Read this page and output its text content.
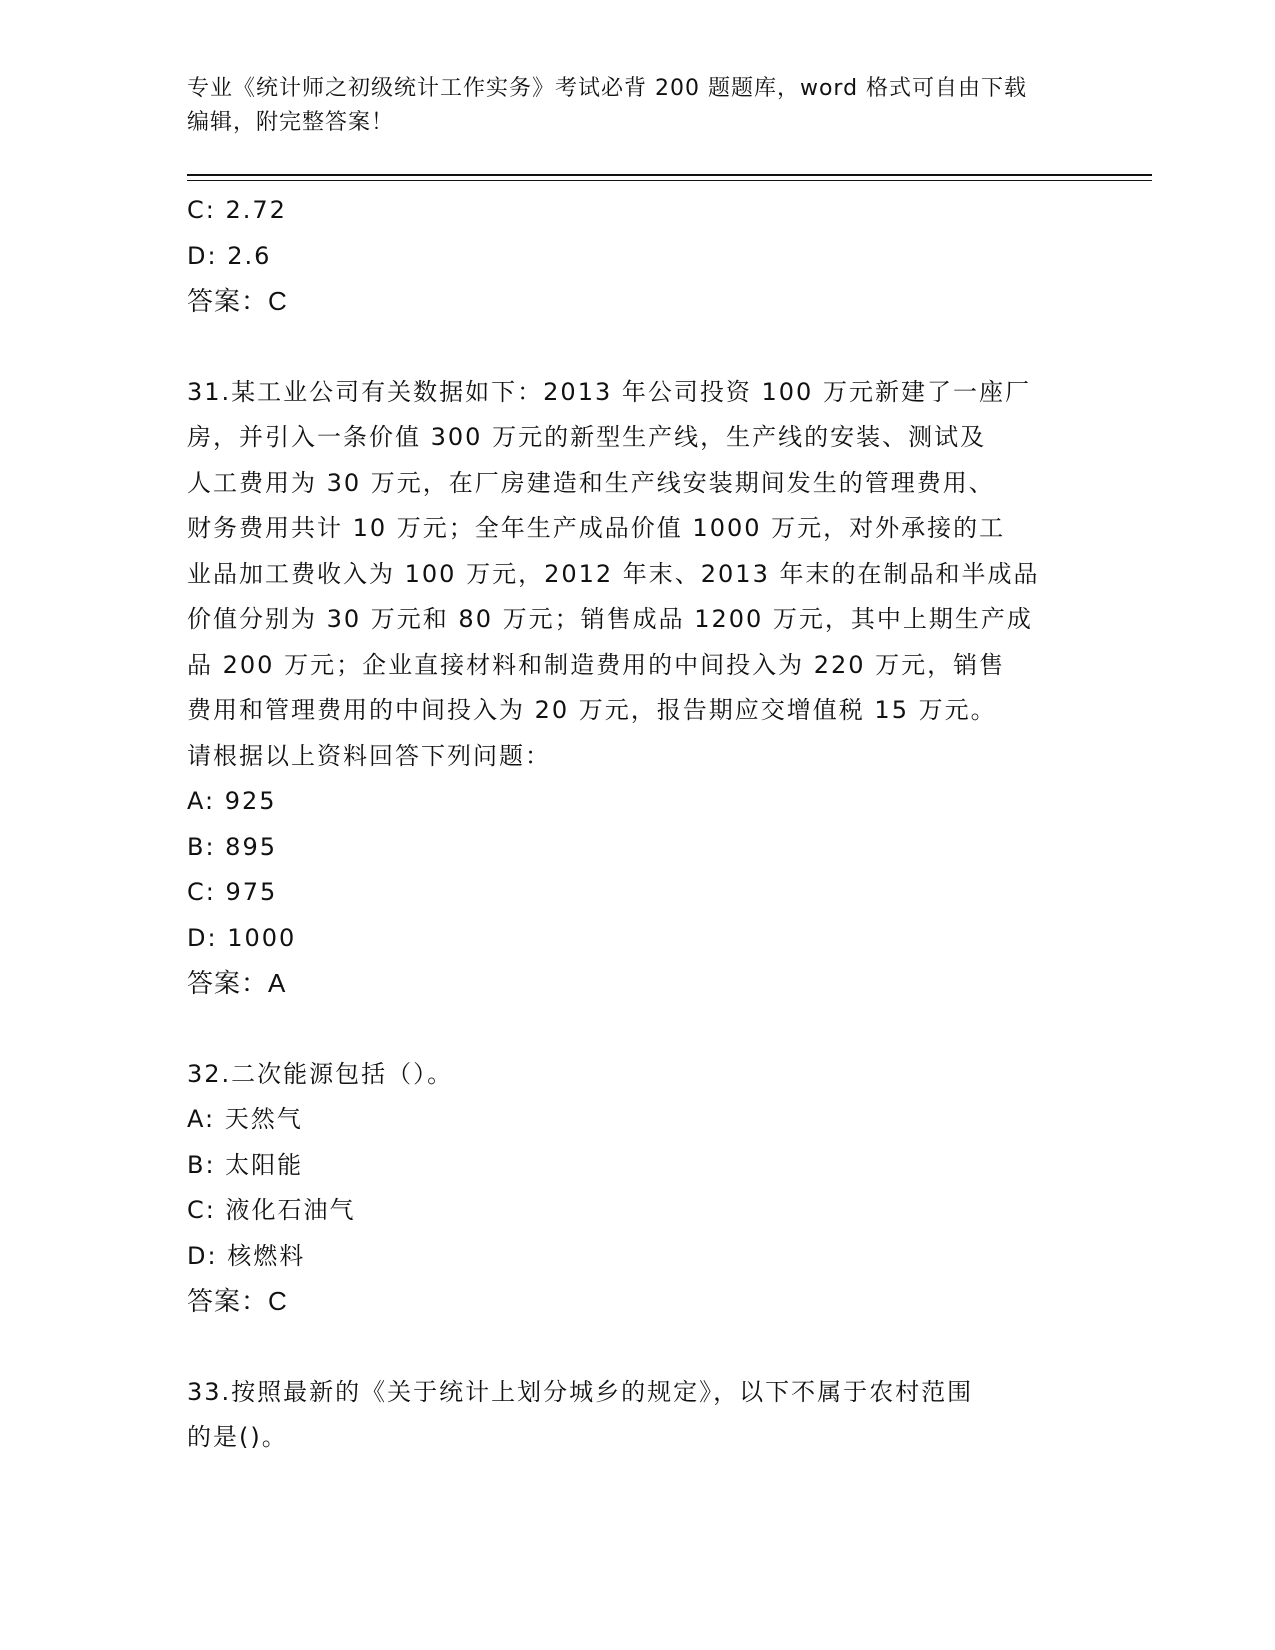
专业《统计师之初级统计工作实务》考试必背 200 题题库，word 格式可自由下载
编辑，附完整答案！
C: 2.72
D: 2.6
答案：C
31.某工业公司有关数据如下：2013 年公司投资 100 万元新建了一座厂
房，并引入一条价值 300 万元的新型生产线，生产线的安装、测试及
人工费用为 30 万元，在厂房建造和生产线安装期间发生的管理费用、
财务费用共计 10 万元；全年生产成品价值 1000 万元，对外承接的工
业品加工费收入为 100 万元，2012 年末、2013 年末的在制品和半成品
价值分别为 30 万元和 80 万元；销售成品 1200 万元，其中上期生产成
品 200 万元；企业直接材料和制造费用的中间投入为 220 万元，销售
费用和管理费用的中间投入为 20 万元，报告期应交增值税 15 万元。
请根据以上资料回答下列问题：
A: 925
B: 895
C: 975
D: 1000
答案：A
32.二次能源包括（）。
A: 天然气
B: 太阳能
C: 液化石油气
D: 核燃料
答案：C
33.按照最新的《关于统计上划分城乡的规定》，以下不属于农村范围
的是()。
